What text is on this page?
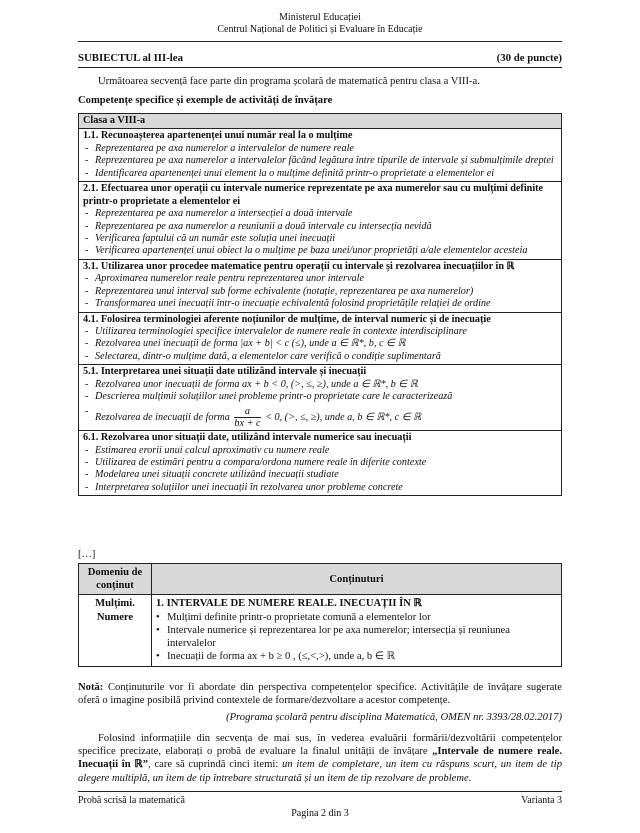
Ministerul Educației
Centrul Național de Politici și Evaluare în Educație
SUBIECTUL al III-lea	(30 de puncte)
Următoarea secvență face parte din programa școlară de matematică pentru clasa a VIII-a.
Competențe specifice și exemple de activități de învățare
Clasa a VIII-a

1.1. Recunoașterea apartenenței unui număr real la o mulțime
- Reprezentarea pe axa numerelor a intervalelor de numere reale
- Reprezentarea pe axa numerelor a intervalelor făcând legătura între tipurile de intervale și submulțimile dreptei
- Identificarea apartenenței unui element la o mulțime definită printr-o proprietate a elementelor ei

2.1. Efectuarea unor operații cu intervale numerice reprezentate pe axa numerelor sau cu mulțimi definite printr-o proprietate a elementelor ei
- Reprezentarea pe axa numerelor a intersecției a două intervale
- Reprezentarea pe axa numerelor a reuniunii a două intervale cu intersecția nevidă
- Verificarea faptului că un număr este soluția unei inecuații
- Verificarea apartenenței unui obiect la o mulțime pe baza unei/unor proprietăți a/ale elementelor acesteia

3.1. Utilizarea unor procedee matematice pentru operații cu intervale și rezolvarea inecuațiilor în ℝ
- Aproximarea numerelor reale pentru reprezentarea unor intervale
- Reprezentarea unui interval sub forme echivalente (notație, reprezentarea pe axa numerelor)
- Transformarea unei inecuații într-o inecuație echivalentă folosind proprietățile relației de ordine

4.1. Folosirea terminologiei aferente noțiunilor de mulțime, de interval numeric și de inecuație
- Utilizarea terminologiei specifice intervalelor de numere reale în contexte interdisciplinare
- Rezolvarea unei inecuații de forma |ax + b| < c (≤), unde a ∈ ℝ*, b, c ∈ ℝ
- Selectarea, dintr-o mulțime dată, a elementelor care verifică o condiție suplimentară

5.1. Interpretarea unei situații date utilizând intervale și inecuații
- Rezolvarea unor inecuații de forma ax + b < 0, (>, ≤, ≥), unde a ∈ ℝ*, b ∈ ℝ
- Descrierea mulțimii soluțiilor unei probleme printr-o proprietate care le caracterizează
- Rezolvarea de inecuații de forma $\frac{a}{bx + c} < 0$, (>, ≤, ≥), unde a, b ∈ ℝ*, c ∈ ℝ

6.1. Rezolvarea unor situații date, utilizând intervale numerice sau inecuații
- Estimarea erorii unui calcul aproximativ cu numere reale
- Utilizarea de estimări pentru a compara/ordona numere reale în diferite contexte
- Modelarea unei situații concrete utilizând inecuații studiate
- Interpretarea soluțiilor unei inecuații în rezolvarea unor probleme concrete
[…]
Domeniu de conținut	Conținuturi
Mulțimi. Numere	1. INTERVALE DE NUMERE REALE. INECUAȚII ÎN ℝ
• Mulțimi definite printr-o proprietate comună a elementelor lor
• Intervale numerice și reprezentarea lor pe axa numerelor; intersecția și reuniunea intervalelor
• Inecuații de forma ax + b ≥ 0 , (≤,<,>), unde a, b ∈ ℝ
Notă: Conținuturile vor fi abordate din perspectiva competențelor specifice. Activitățile de învățare sugerate oferă o imagine posibilă privind contextele de formare/dezvoltare a acestor competențe.
(Programa școlară pentru disciplina Matematică, OMEN nr. 3393/28.02.2017)
Folosind informațiile din secvența de mai sus, în vederea evaluării formării/dezvoltării competențelor specifice precizate, elaborați o probă de evaluare la finalul unității de învățare „Intervale de numere reale. Inecuații în ℝ”, care să cuprindă cinci itemi: un item de completare, un item cu răspuns scurt, un item de tip alegere multiplă, un item de tip întrebare structurată și un item de tip rezolvare de probleme.
Probă scrisă la matematică	Varianta 3
Pagina 2 din 3
